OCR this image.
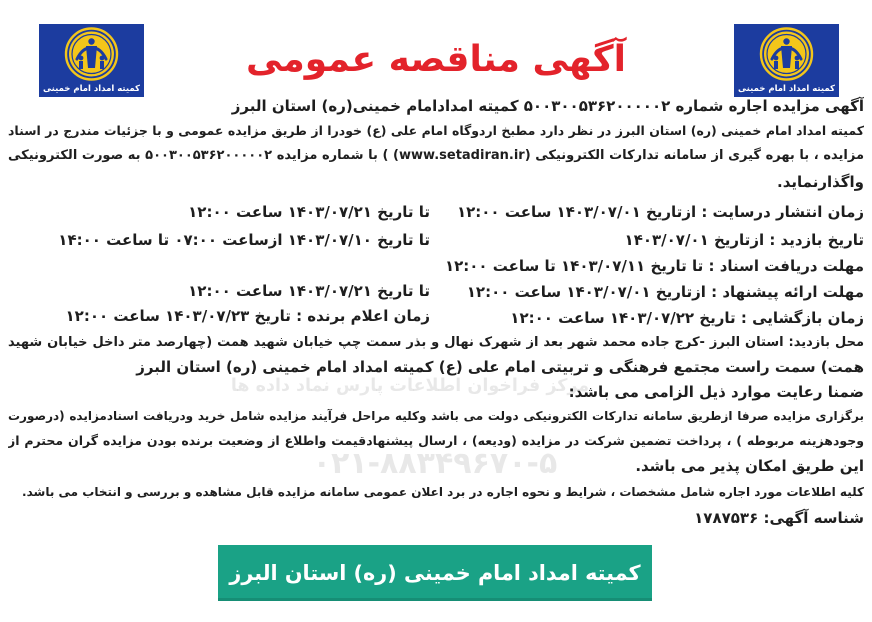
مرکز فراخوان اطلاعات پارس نماد داده ها
۰۲۱-۸۸۳۴۹۶۷۰-۵
کمیته امداد امام خمینی
آگهی مناقصه عمومی
کمیته امداد امام خمینی
آگهی مزایده اجاره شماره ۵۰۰۳۰۰۵۳۶۲۰۰۰۰۰۲ کمیته امدادامام خمینی(ره) استان البرز
کمیته امداد امام خمینی (ره) استان البرز در نظر دارد مطبخ اردوگاه امام علی (ع) خودرا از طریق مزایده عمومی و با جزئیات مندرج در اسناد
مزایده ، با بهره گیری از سامانه تدارکات الکترونیکی (www.setadiran.ir) ) با شماره مزایده ۵۰۰۳۰۰۵۳۶۲۰۰۰۰۰۲ به صورت الکترونیکی
واگذارنماید.
زمان انتشار درسایت : ازتاریخ ۱۴۰۳/۰۷/۰۱ ساعت ۱۲:۰۰
تا تاریخ ۱۴۰۳/۰۷/۲۱ ساعت ۱۲:۰۰
تاریخ بازدید : ازتاریخ ۱۴۰۳/۰۷/۰۱
تا تاریخ ۱۴۰۳/۰۷/۱۰ ازساعت ۰۷:۰۰ تا ساعت ۱۴:۰۰
مهلت دریافت اسناد : تا تاریخ ۱۴۰۳/۰۷/۱۱ تا ساعت ۱۲:۰۰
مهلت ارائه پیشنهاد : ازتاریخ ۱۴۰۳/۰۷/۰۱ ساعت ۱۲:۰۰
تا تاریخ ۱۴۰۳/۰۷/۲۱ ساعت ۱۲:۰۰
زمان بازگشایی : تاریخ ۱۴۰۳/۰۷/۲۲ ساعت ۱۲:۰۰
زمان اعلام برنده : تاریخ ۱۴۰۳/۰۷/۲۳ ساعت ۱۲:۰۰
محل بازدید: استان البرز -کرج جاده محمد شهر بعد از شهرک نهال و بذر سمت چپ خیابان شهید همت (چهارصد متر داخل خیابان شهید
همت) سمت راست مجتمع فرهنگی و تربیتی امام علی (ع) کمیته امداد امام خمینی (ره) استان البرز
ضمنا رعایت موارد ذیل الزامی می باشد:
برگزاری مزایده صرفا ازطریق سامانه تدارکات الکترونیکی دولت می باشد وکلیه مراحل فرآیند مزایده شامل خرید ودریافت اسنادمزایده (درصورت
وجودهزینه مربوطه ) ، پرداخت تضمین شرکت در مزایده (ودیعه) ، ارسال پیشنهادقیمت واطلاع از وضعیت برنده بودن مزایده گران محترم از
این طریق امکان پذیر می باشد.
کلیه اطلاعات مورد اجاره شامل مشخصات ، شرایط و نحوه اجاره در برد اعلان عمومی سامانه مزایده قابل مشاهده و بررسی و انتخاب می باشد.
شناسه آگهی: ۱۷۸۷۵۳۶
کمیته امداد امام خمینی (ره) استان البرز
